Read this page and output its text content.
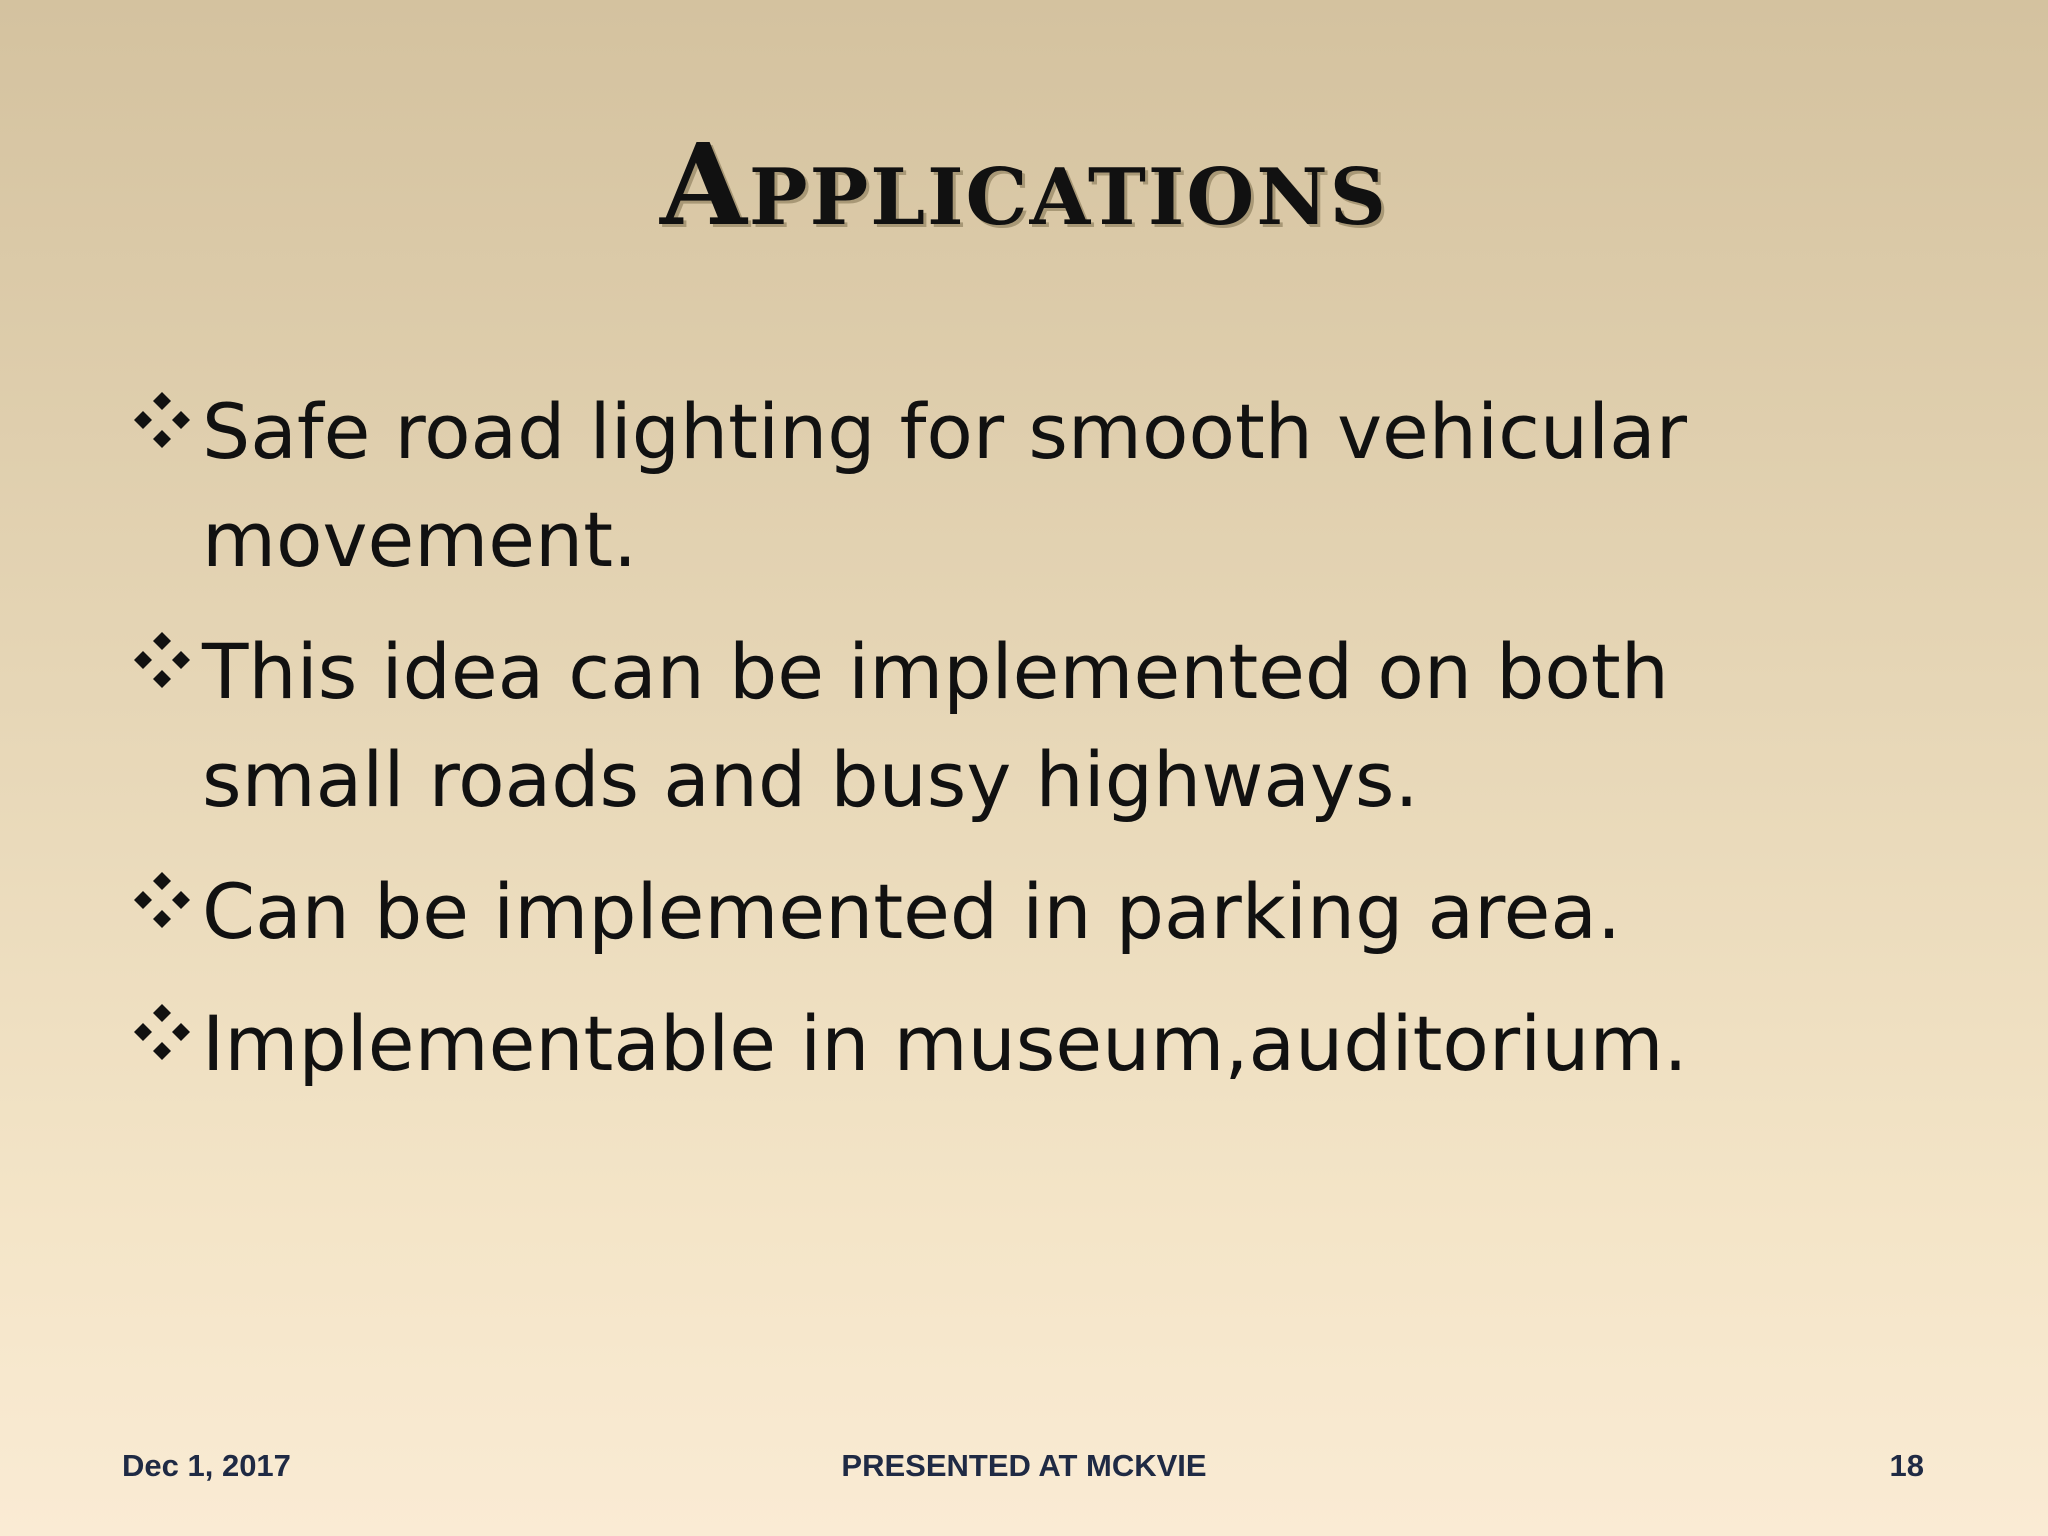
Applications
Safe road lighting for smooth vehicular movement.
This idea can be implemented on both small roads and busy highways.
Can be implemented in parking area.
Implementable in museum,auditorium.
Dec 1, 2017	PRESENTED AT MCKVIE	18
